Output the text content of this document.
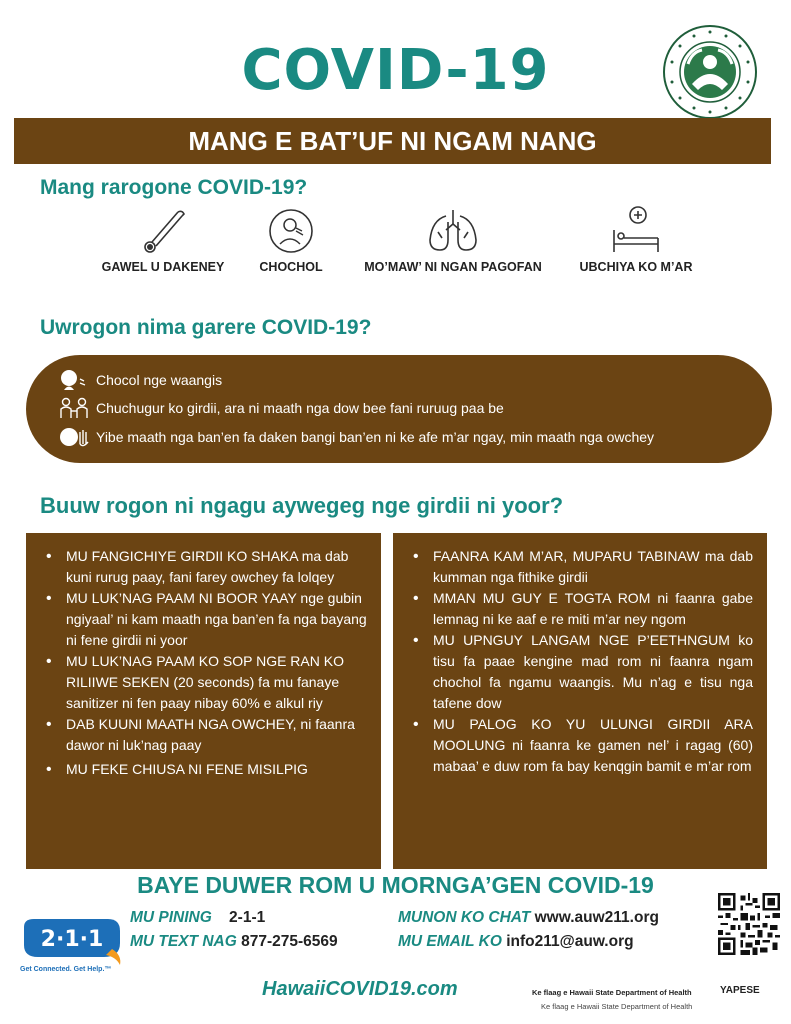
COVID-19
MANG E BAT’UF NI NGAM NANG
Mang rarogone COVID-19?
GAWEL U DAKENEY	CHOCHOL	MO’MAW’ NI NGAN PAGOFAN	UBCHIYA KO M’AR
Uwrogon nima garere COVID-19?
Chocol nge waangis
Chuchugur ko girdii, ara ni maath nga dow bee fani ruruug paa be
Yibe maath nga ban’en fa daken bangi ban’en ni ke afe m’ar ngay, min maath nga owchey
Buuw rogon ni ngagu aywegeg nge girdii ni yoor?
• MU FANGICHIYE GIRDII KO SHAKA ma dab kuni rurug paay, fani farey owchey fa lolqey
• MU LUK’NAG PAAM NI BOOR YAAY nge gubin ngiyaal’ ni kam maath nga ban’en fa nga bayang ni fene girdii ni yoor
• MU LUK’NAG PAAM KO SOP NGE RAN KO RILIIWE SEKEN (20 seconds) fa mu fanaye sanitizer ni fen paay nibay 60% e alkul riy
• DAB KUUNI MAATH NGA OWCHEY, ni faanra dawor ni luk’nag paay
• MU FEKE CHIUSA NI FENE MISILPIG
• FAANRA KAM M’AR, MUPARU TABINAW ma dab kumman nga fithike girdii
• MMAN MU GUY E TOGTA ROM ni faanra gabe lemnag ni ke aaf e re miti m’ar ney ngom
• MU UPNGUY LANGAM NGE P’EETHNGUM ko tisu fa paae kengine mad rom ni faanra ngam chochol fa ngamu waangis. Mu n’ag e tisu nga tafene dow
• MU PALOG KO YU ULUNGI GIRDII ARA MOOLUNG ni faanra ke gamen nel’ i ragag (60) mabaa’ e duw rom fa bay kenqgin bamit e m’ar rom
BAYE DUWER ROM U MORNGA’GEN COVID-19
2·1·1
Get Connected. Get Help.™
MU PINING 2-1-1
MU TEXT NAG 877-275-6569
MUNON KO CHAT www.auw211.org
MU EMAIL KO info211@auw.org
HawaiiCOVID19.com	Ke flaag e Hawaii State Department of Health
Ke flaag e Hawaii State Department of Health
YAPESE
